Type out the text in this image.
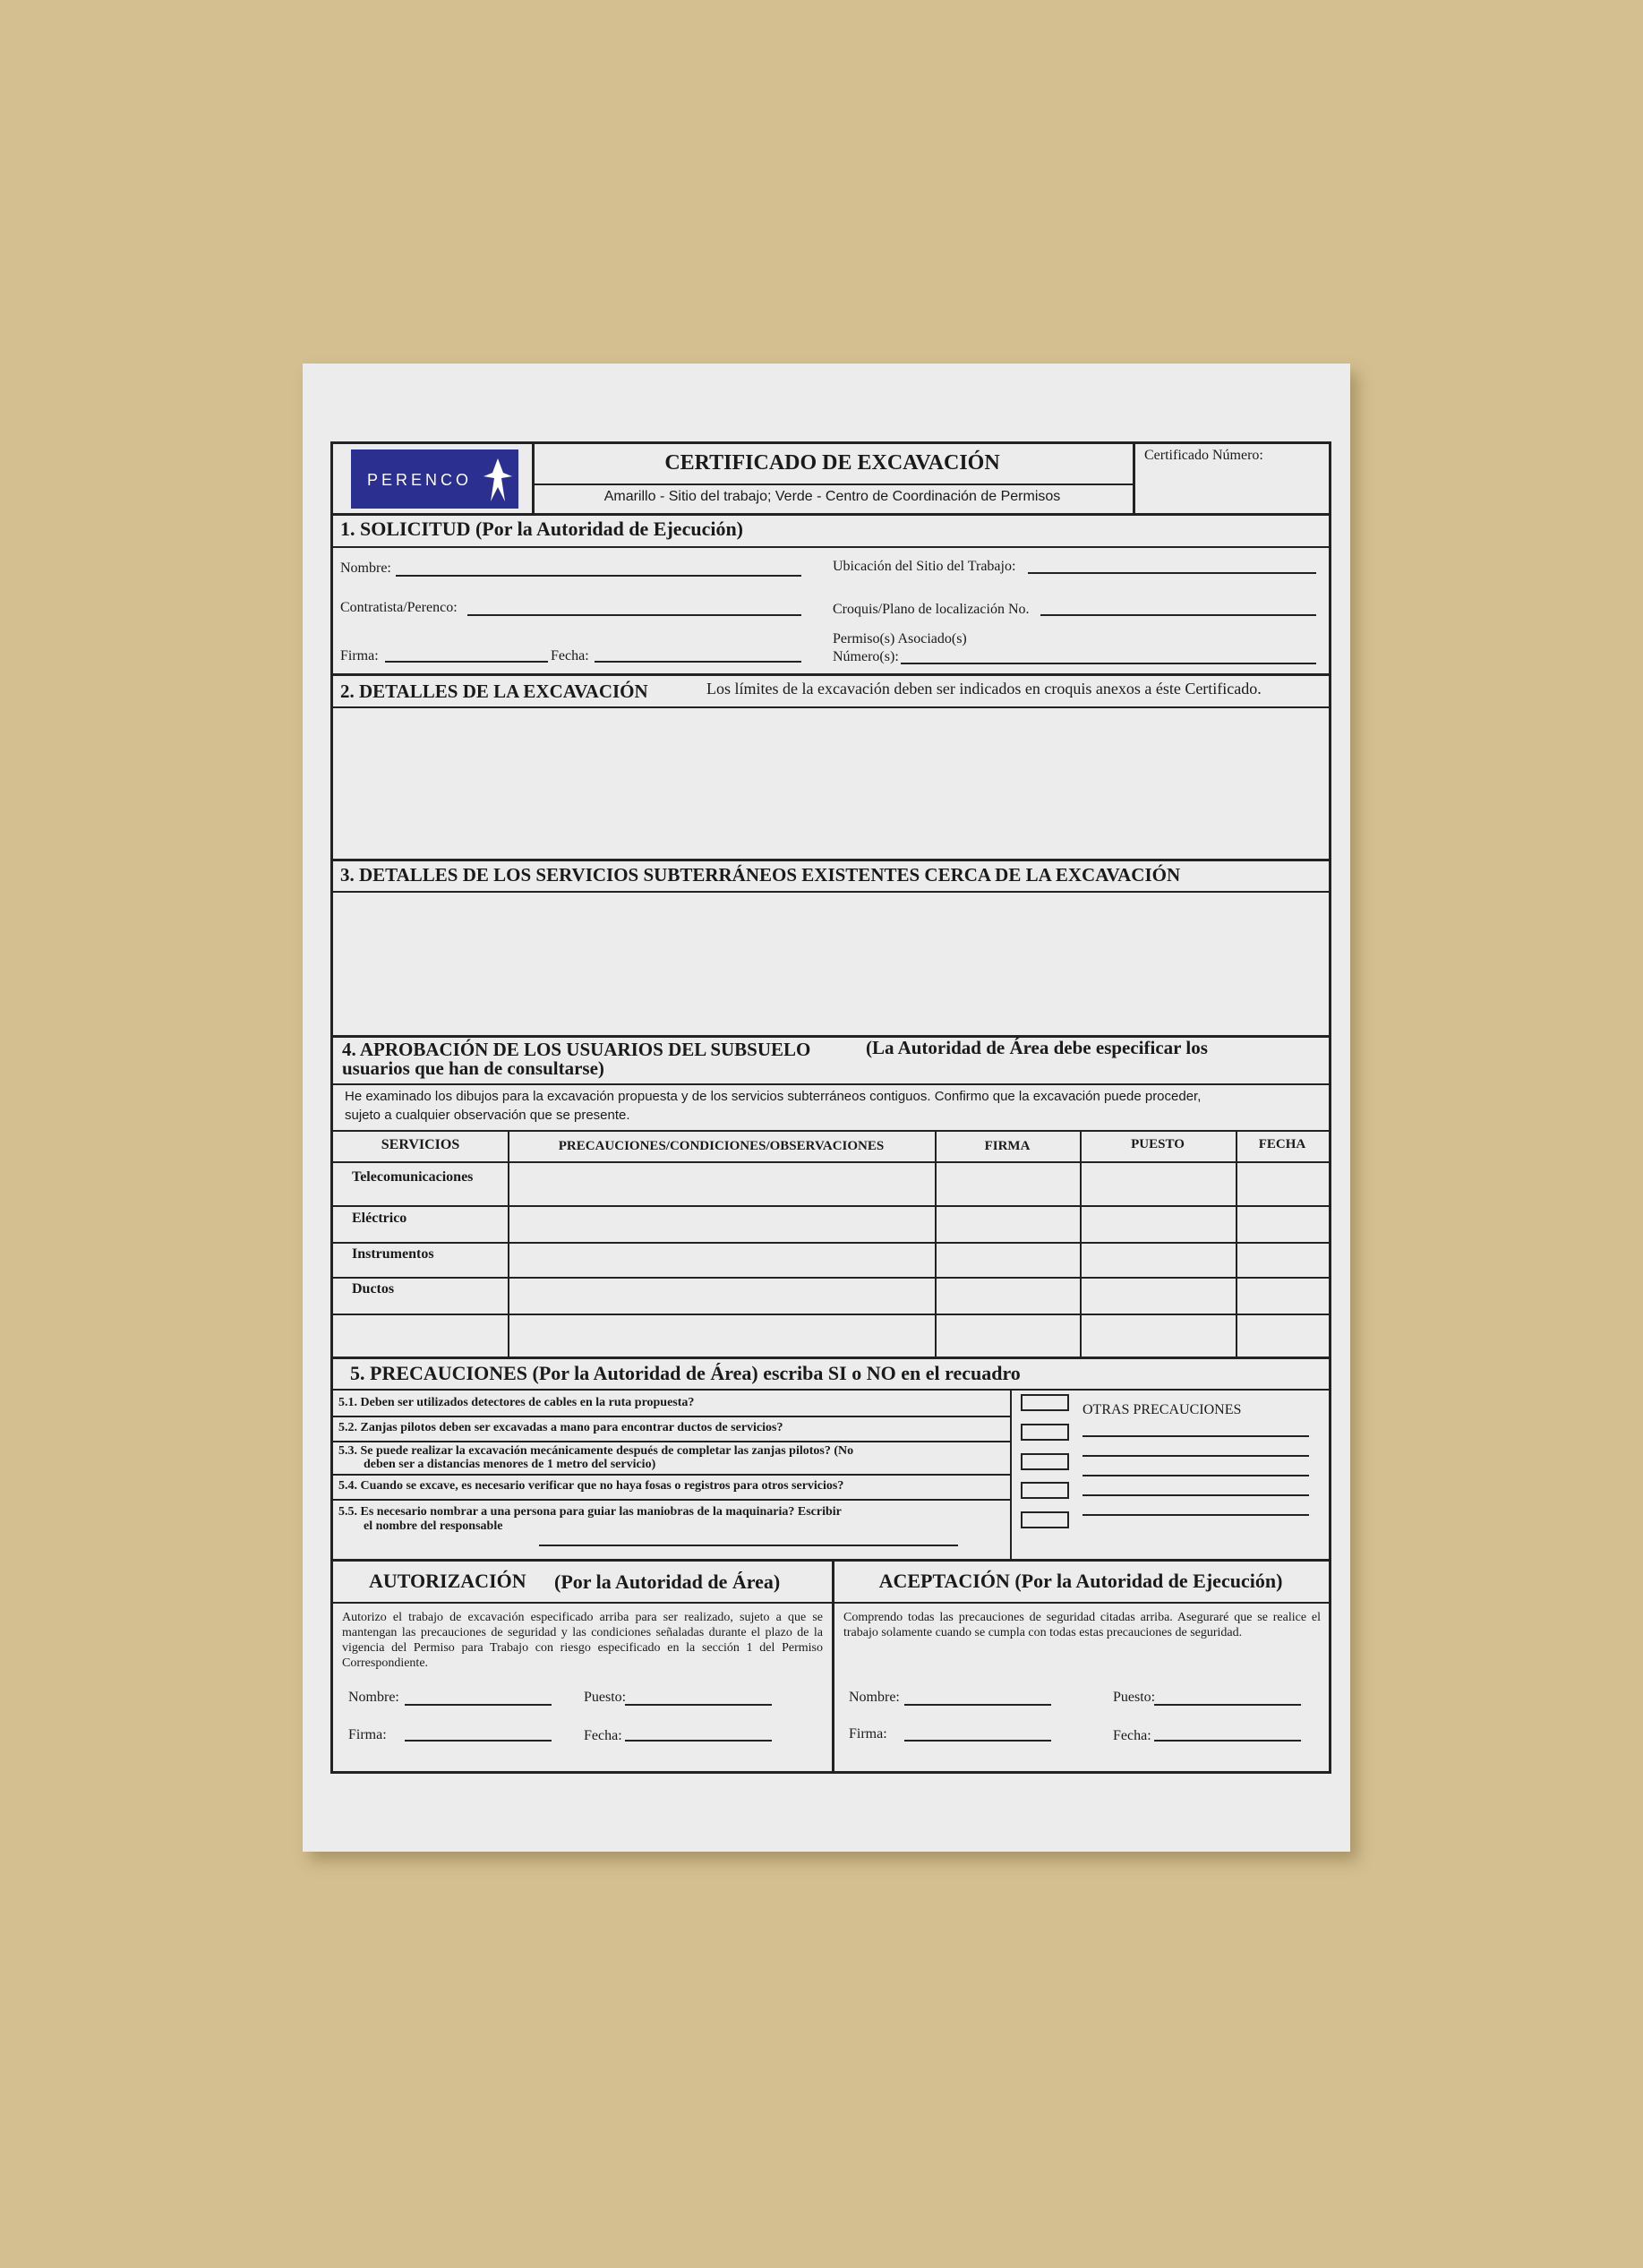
PERENCO
CERTIFICADO DE EXCAVACIÓN
Amarillo - Sitio del trabajo; Verde - Centro de Coordinación de Permisos
Certificado Número:
1. SOLICITUD (Por la Autoridad de Ejecución)
Nombre:
Contratista/Perenco:
Firma:	Fecha:
Ubicación del Sitio del Trabajo:
Croquis/Plano de localización No.
Permiso(s) Asociado(s)
Número(s):
2. DETALLES DE LA EXCAVACIÓN	Los límites de la excavación deben ser indicados en croquis anexos a éste Certificado.
3. DETALLES DE LOS SERVICIOS SUBTERRÁNEOS EXISTENTES CERCA DE LA EXCAVACIÓN
4. APROBACIÓN DE LOS USUARIOS DEL SUBSUELO	(La Autoridad de Área debe especificar los
usuarios que han de consultarse)
He examinado los dibujos para la excavación propuesta y de los servicios subterráneos contiguos. Confirmo que la excavación puede proceder,
sujeto a cualquier observación que se presente.
SERVICIOS	PRECAUCIONES/CONDICIONES/OBSERVACIONES	FIRMA	PUESTO	FECHA
Telecomunicaciones
Eléctrico
Instrumentos
Ductos
5. PRECAUCIONES (Por la Autoridad de Área) escriba SI o NO en el recuadro
5.1. Deben ser utilizados detectores de cables en la ruta propuesta?
5.2. Zanjas pilotos deben ser excavadas a mano para encontrar ductos de servicios?
5.3. Se puede realizar la excavación mecánicamente después de completar las zanjas pilotos? (No
deben ser a distancias menores de 1 metro del servicio)
5.4. Cuando se excave, es necesario verificar que no haya fosas o registros para otros servicios?
5.5. Es necesario nombrar a una persona para guiar las maniobras de la maquinaria? Escribir
el nombre del responsable
OTRAS PRECAUCIONES
AUTORIZACIÓN (Por la Autoridad de Área)	ACEPTACIÓN (Por la Autoridad de Ejecución)
Autorizo el trabajo de excavación especificado arriba para ser realizado, sujeto a que se mantengan las precauciones de seguridad y las condiciones señaladas durante el plazo de la vigencia del Permiso para Trabajo con riesgo especificado en la sección 1 del Permiso Correspondiente.
Comprendo todas las precauciones de seguridad citadas arriba. Aseguraré que se realice el trabajo solamente cuando se cumpla con todas estas precauciones de seguridad.
Nombre:	Puesto:
Firma:	Fecha:
Nombre:	Puesto:
Firma:	Fecha:
